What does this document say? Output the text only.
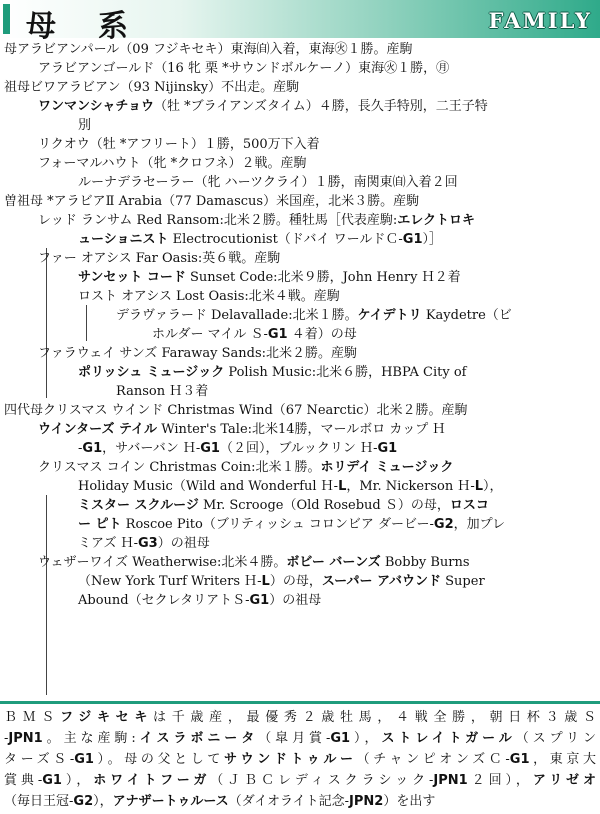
母　系	FAMILY
母アラビアンパール（09 フジキセキ）東海㉂入着，東海㊋１勝。産駒
アラビアンゴールド（16 牝 栗 *サウンドボルケーノ）東海㊋１勝，㊊
祖母ビワアラビアン（93 Nijinsky）不出走。産駒
ワンマンシャチョウ（牡 *ブライアンズタイム）４勝，長久手特別，二王子特
別
リクオウ（牡 *アフリート）１勝，500万下入着
フォーマルハウト（牝 *クロフネ）２戦。産駒
ルーナデラセーラー（牝 ハーツクライ）１勝，南関東㉂入着２回
曽祖母 *アラビアⅡ Arabia（77 Damascus）米国産，北米３勝。産駒
レッド ランサム Red Ransom:北米２勝。種牡馬［代表産駒:エレクトロキ
ューショニスト Electrocutionist（ドバイ ワールドＣ-G1）］
ファー オアシス Far Oasis:英６戦。産駒
サンセット コード Sunset Code:北米９勝，John Henry Ｈ２着
ロスト オアシス Lost Oasis:北米４戦。産駒
デラヴァラード Delavallade:北米１勝。ケイデトリ Kaydetre（ビ
ホルダー マイル Ｓ-G1 ４着）の母
ファラウェイ サンズ Faraway Sands:北米２勝。産駒
ポリッシュ ミュージック Polish Music:北米６勝，HBPA City of
Ranson Ｈ３着
四代母クリスマス ウインド Christmas Wind（67 Nearctic）北米２勝。産駒
ウインターズ テイル Winter's Tale:北米14勝，マールボロ カップ Ｈ
-G1，サバーバン Ｈ-G1（２回），ブルックリン Ｈ-G1
クリスマス コイン Christmas Coin:北米１勝。ホリデイ ミュージック
Holiday Music（Wild and Wonderful Ｈ-L，Mr. Nickerson Ｈ-L），
ミスター スクルージ Mr. Scrooge（Old Rosebud Ｓ）の母，ロスコ
ー ピト Roscoe Pito（ブリティッシュ コロンビア ダービー-G2，加プレ
ミアズ Ｈ-G3）の祖母
ウェザーワイズ Weatherwise:北米４勝。ボビー バーンズ Bobby Burns
（New York Turf Writers Ｈ-L）の母，スーパー アバウンド Super
Abound（セクレタリアトＳ-G1）の祖母
ＢＭＳフジキセキは千歳産，最優秀２歳牡馬，４戦全勝，朝日杯３歳Ｓ
-JPN1。主な産駒:イスラボニータ（皐月賞-G1），ストレイトガール（スプリン
ターズＳ-G1）。母の父としてサウンドトゥルー（チャンピオンズＣ-G1，東京大
賞典-G1），ホワイトフーガ（ＪＢＣレディスクラシック-JPN1２回），アリゼオ
（毎日王冠-G2），アナザートゥルース（ダイオライト記念-JPN2）を出す
